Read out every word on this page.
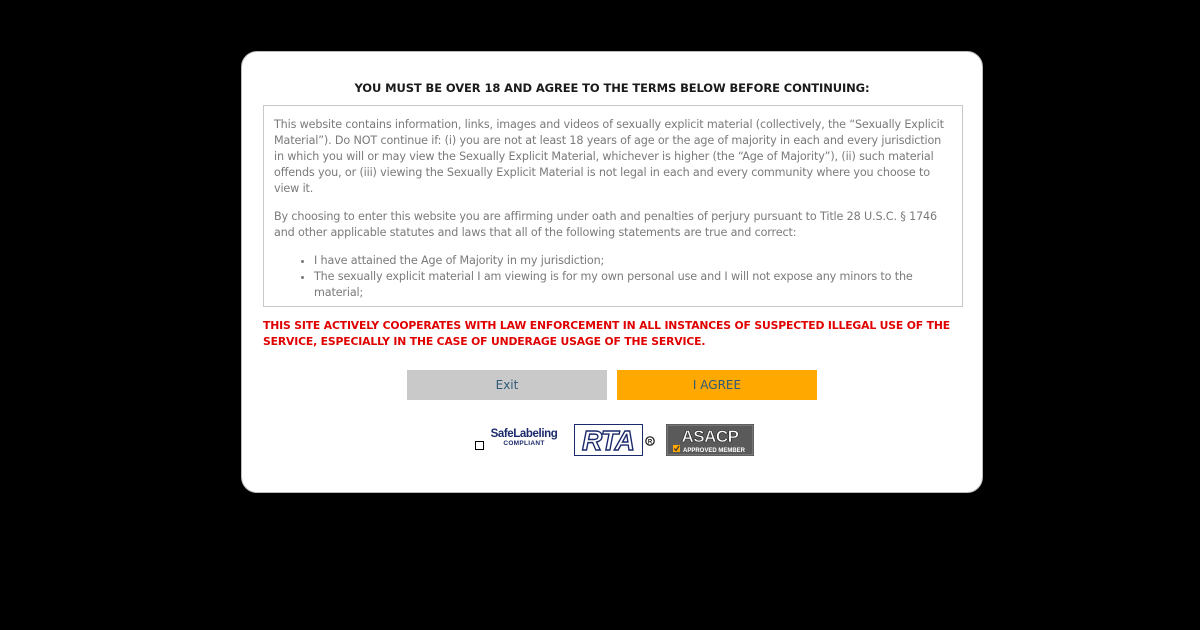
YOU MUST BE OVER 18 AND AGREE TO THE TERMS BELOW BEFORE CONTINUING:

This website contains information, links, images and videos of sexually explicit material (collectively, the “Sexually Explicit Material”). Do NOT continue if: (i) you are not at least 18 years of age or the age of majority in each and every jurisdiction in which you will or may view the Sexually Explicit Material, whichever is higher (the “Age of Majority”), (ii) such material offends you, or (iii) viewing the Sexually Explicit Material is not legal in each and every community where you choose to view it.

By choosing to enter this website you are affirming under oath and penalties of perjury pursuant to Title 28 U.S.C. § 1746 and other applicable statutes and laws that all of the following statements are true and correct:

• I have attained the Age of Majority in my jurisdiction;
• The sexually explicit material I am viewing is for my own personal use and I will not expose any minors to the material;
THIS SITE ACTIVELY COOPERATES WITH LAW ENFORCEMENT IN ALL INSTANCES OF SUSPECTED ILLEGAL USE OF THE SERVICE, ESPECIALLY IN THE CASE OF UNDERAGE USAGE OF THE SERVICE.
Exit	I AGREE
SafeLabeling
COMPLIANT	RTA R ASACP
APPROVED MEMBER
